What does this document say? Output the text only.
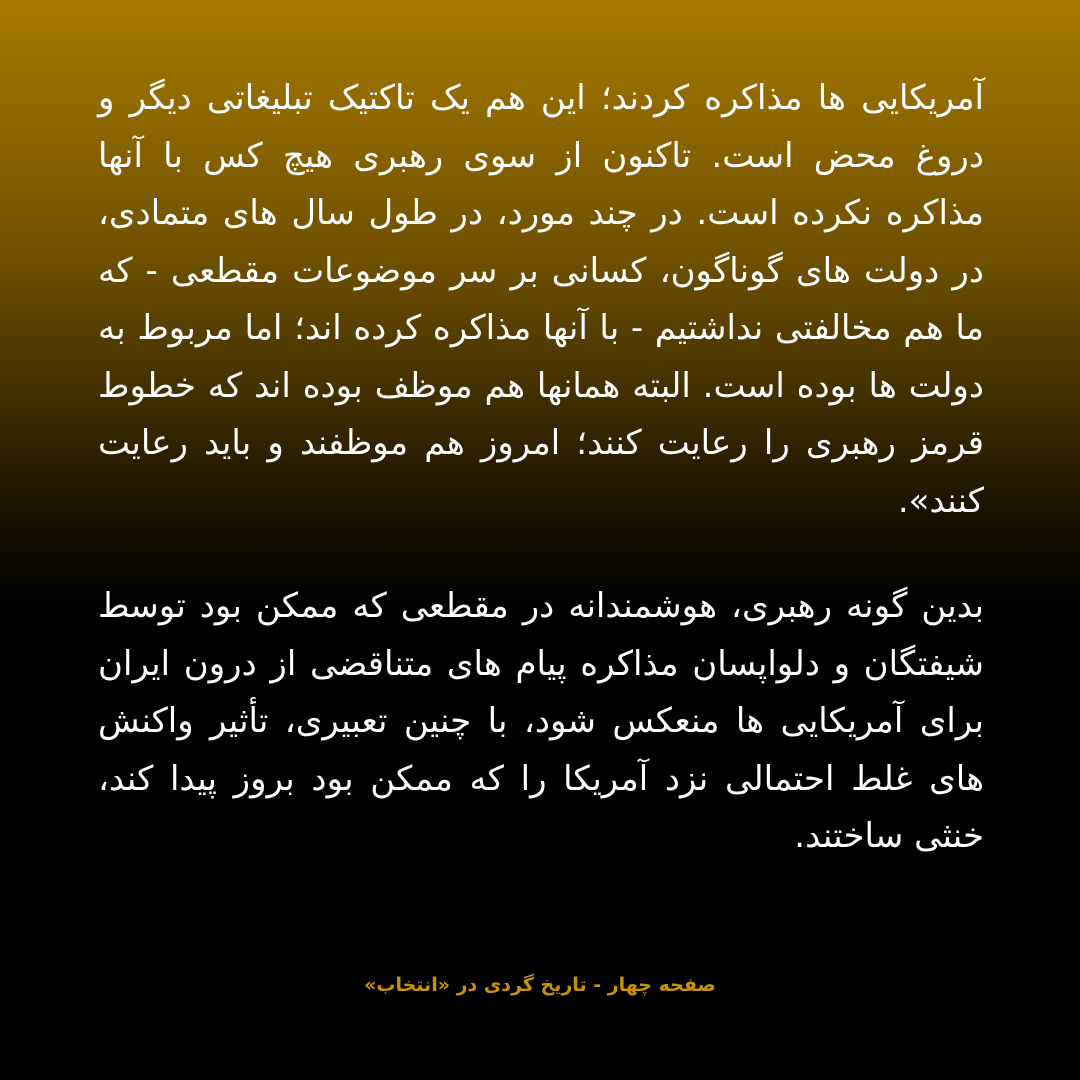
آمریکایی ها مذاکره کردند؛ این هم یک تاکتیک تبلیغاتی دیگر و دروغ محض است. تاکنون از سوی رهبری هیچ کس با آنها مذاکره نکرده است. در چند مورد، در طول سال های متمادی، در دولت های گوناگون، کسانی بر سر موضوعات مقطعی - که ما هم مخالفتی نداشتیم - با آنها مذاکره کرده اند؛ اما مربوط به دولت ها بوده است. البته همانها هم موظف بوده اند که خطوط قرمز رهبری را رعایت کنند؛ امروز هم موظفند و باید رعایت کنند».

بدین گونه رهبری، هوشمندانه در مقطعی که ممکن بود توسط شیفتگان و دلواپسان مذاکره پیام های متناقضی از درون ایران برای آمریکایی ها منعکس شود، با چنین تعبیری، تأثیر واکنش های غلط احتمالی نزد آمریکا را که ممکن بود بروز پیدا کند، خنثی ساختند.

صفحه چهار - تاریخ گردی در «انتخاب»
